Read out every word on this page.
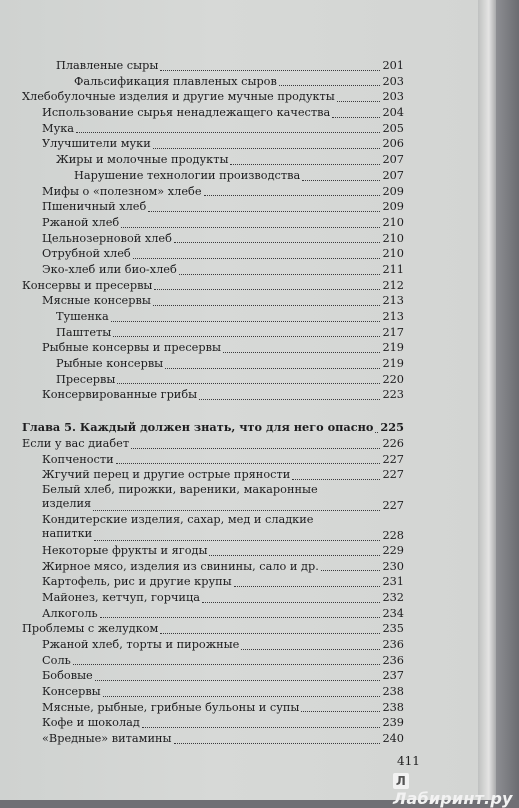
Плавленые сыры	201
Фальсификация плавленых сыров	203
Хлебобулочные изделия и другие мучные продукты	203
Использование сырья ненадлежащего качества	204
Мука	205
Улучшители муки	206
Жиры и молочные продукты	207
Нарушение технологии производства	207
Мифы о «полезном» хлебе	209
Пшеничный хлеб	209
Ржаной хлеб	210
Цельнозерновой хлеб	210
Отрубной хлеб	210
Эко-хлеб или био-хлеб	211
Консервы и пресервы	212
Мясные консервы	213
Тушенка	213
Паштеты	217
Рыбные консервы и пресервы	219
Рыбные консервы	219
Пресервы	220
Консервированные грибы	223
Глава 5. Каждый должен знать, что для него опасно 225
Если у вас диабет	226
Копчености	227
Жгучий перец и другие острые пряности	227
Белый хлеб, пирожки, вареники, макаронные изделия	227
Кондитерские изделия, сахар, мед и сладкие напитки	228
Некоторые фрукты и ягоды	229
Жирное мясо, изделия из свинины, сало и др.	230
Картофель, рис и другие крупы	231
Майонез, кетчуп, горчица	232
Алкоголь	234
Проблемы с желудком	235
Ржаной хлеб, торты и пирожные	236
Соль	236
Бобовые	237
Консервы	238
Мясные, рыбные, грибные бульоны и супы	238
Кофе и шоколад	239
«Вредные» витамины	240
411
ЛЛабиринт.ру
